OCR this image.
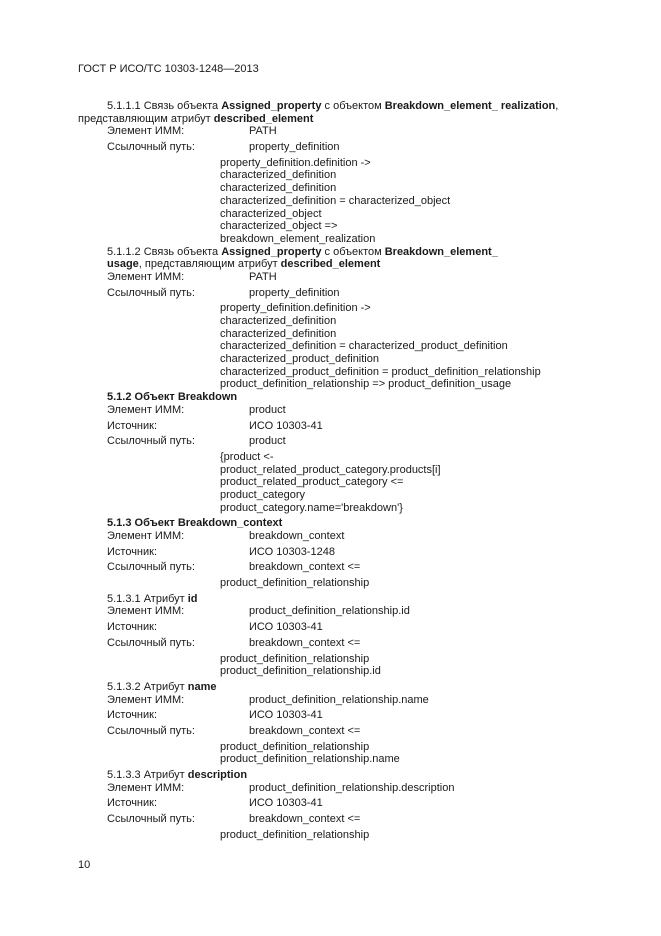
ГОСТ Р ИСО/ТС 10303-1248—2013
5.1.1.1 Связь объекта Assigned_property с объектом Breakdown_element_ realization,
представляющим атрибут described_element
Элемент ИММ:	PATH
Ссылочный путь:	property_definition
property_definition.definition ->
characterized_definition
characterized_definition
characterized_definition = characterized_object
characterized_object
characterized_object =>
breakdown_element_realization
5.1.1.2 Связь объекта Assigned_property с объектом Breakdown_element_
usage, представляющим атрибут described_element
Элемент ИММ:	PATH
Ссылочный путь:	property_definition
property_definition.definition ->
characterized_definition
characterized_definition
characterized_definition = characterized_product_definition
characterized_product_definition
characterized_product_definition = product_definition_relationship
product_definition_relationship => product_definition_usage
5.1.2 Объект Breakdown
Элемент ИММ:	product
Источник:	ИСО 10303-41
Ссылочный путь:	product
{product <-
product_related_product_category.products[i]
product_related_product_category <=
product_category
product_category.name='breakdown'}
5.1.3 Объект Breakdown_context
Элемент ИММ:	breakdown_context
Источник:	ИСО 10303-1248
Ссылочный путь:	breakdown_context <=
product_definition_relationship
5.1.3.1 Атрибут id
Элемент ИММ:	product_definition_relationship.id
Источник:	ИСО 10303-41
Ссылочный путь:	breakdown_context <=
product_definition_relationship
product_definition_relationship.id
5.1.3.2 Атрибут name
Элемент ИММ:	product_definition_relationship.name
Источник:	ИСО 10303-41
Ссылочный путь:	breakdown_context <=
product_definition_relationship
product_definition_relationship.name
5.1.3.3 Атрибут description
Элемент ИММ:	product_definition_relationship.description
Источник:	ИСО 10303-41
Ссылочный путь:	breakdown_context <=
product_definition_relationship
10
